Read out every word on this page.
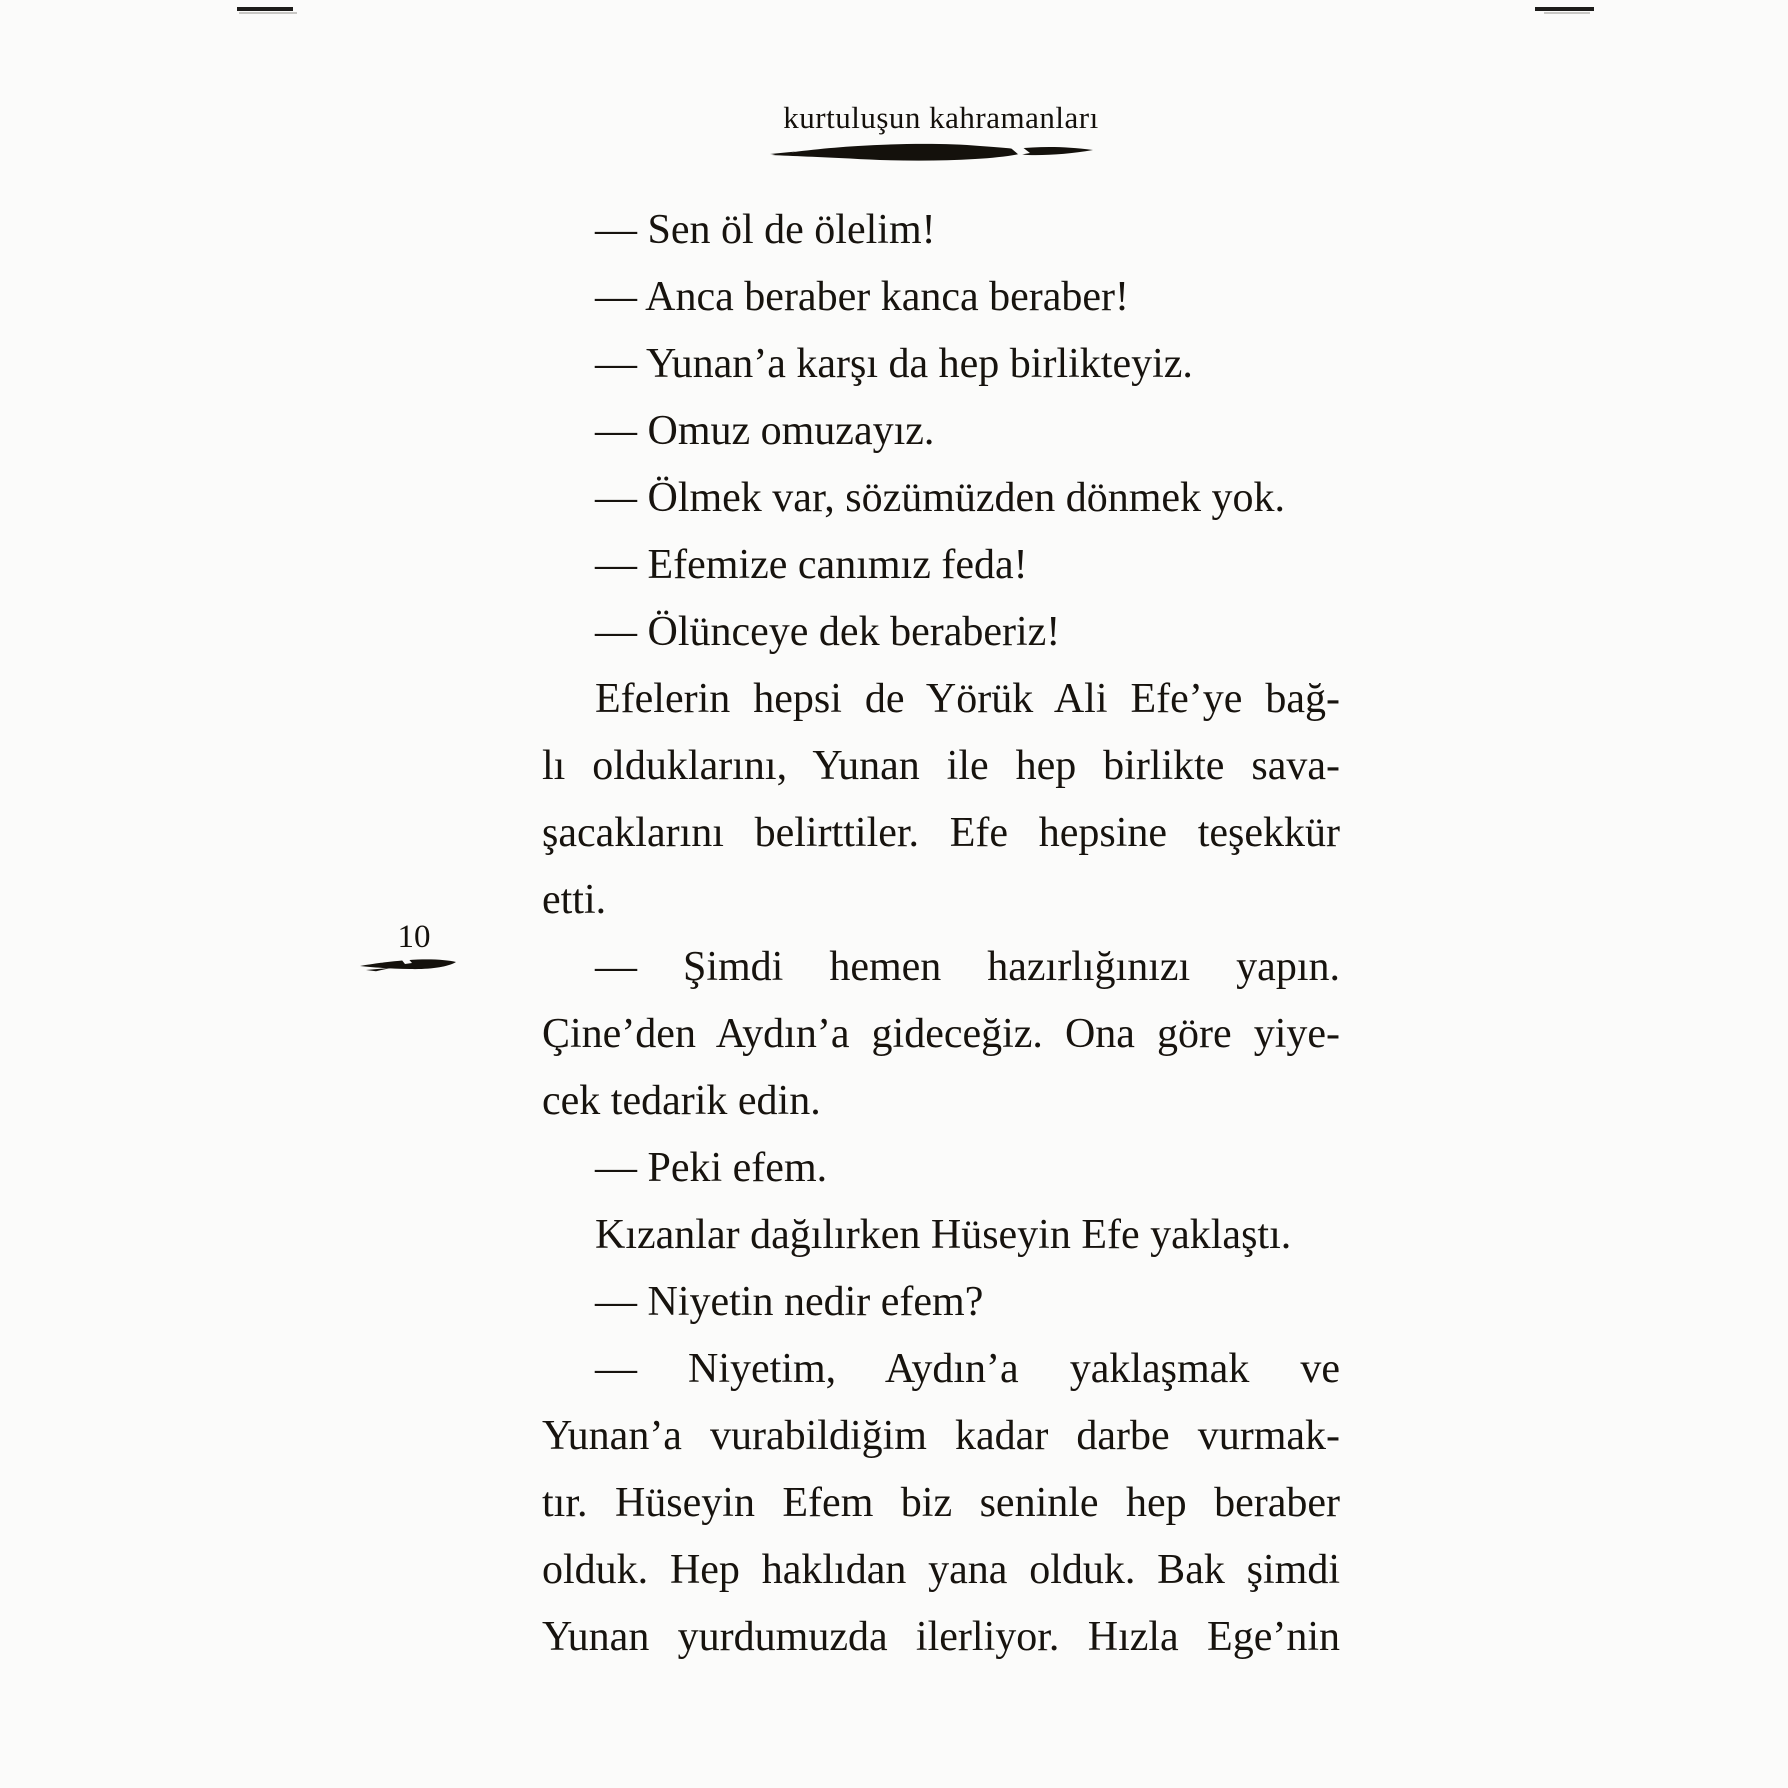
kurtuluşun kahramanları
10
— Sen öl de ölelim!
— Anca beraber kanca beraber!
— Yunan’a karşı da hep birlikteyiz.
— Omuz omuzayız.
— Ölmek var, sözümüzden dönmek yok.
— Efemize canımız feda!
— Ölünceye dek beraberiz!
Efelerin hepsi de Yörük Ali Efe’ye bağ-
lı olduklarını, Yunan ile hep birlikte sava-
şacaklarını belirttiler. Efe hepsine teşekkür
etti.
— Şimdi hemen hazırlığınızı yapın.
Çine’den Aydın’a gideceğiz. Ona göre yiye-
cek tedarik edin.
— Peki efem.
Kızanlar dağılırken Hüseyin Efe yaklaştı.
— Niyetin nedir efem?
— Niyetim, Aydın’a yaklaşmak ve
Yunan’a vurabildiğim kadar darbe vurmak-
tır. Hüseyin Efem biz seninle hep beraber
olduk. Hep haklıdan yana olduk. Bak şimdi
Yunan yurdumuzda ilerliyor. Hızla Ege’nin
